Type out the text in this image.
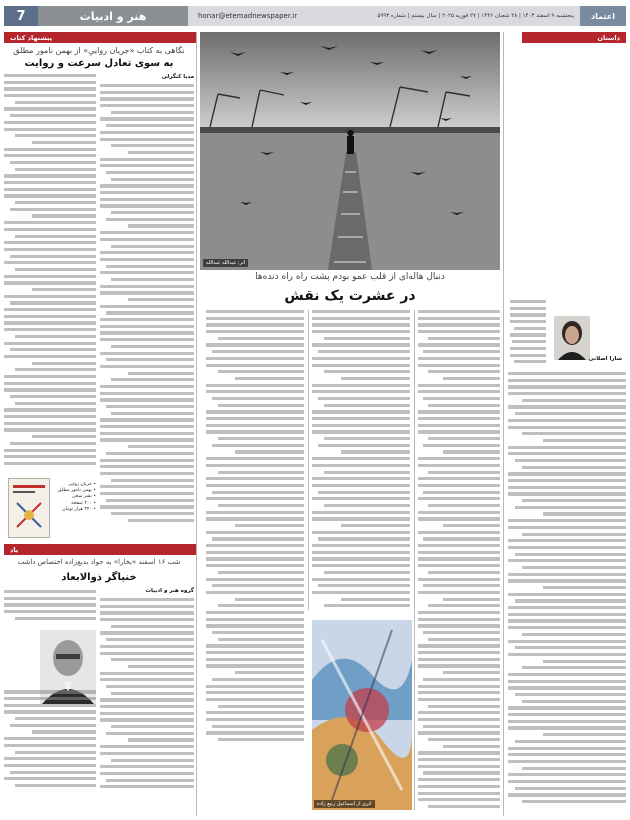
7	هنر و ادبیات	honar@etemadnewspaper.ir	پنجشنبه ۹ اسفند ۱۴۰۳ | ۲۸ شعبان ۱۴۴۶ | ۲۷ فوریه ۲۰۲۵ | سال بیستم | شماره ۵۹۹۳	اعتماد
داستان
سارا اصلانی
اثر: عبدالله عبدالله
دنبال هاله‌ای از قلب عمو بودم پشت راه راه دنده‌ها
در عشرت یک نقش
اثری از اسماعیل ربیع زاده
پیشنهاد کتاب
نگاهی به کتاب «جریان رواییِ» از بهمن نامور مطلق
به سوی تعادل سرعت و روایت
مدیا کنگرلی

• جریان روایی

• بهمن نامور مطلق

• نشر سخن

• ۳۰۰ صفحه

• ۳۴۰ هزار تومان

یاد
شب ۱۶ اسفند «بخارا» به جواد بدیع‌زاده اختصاص داشت
خنیاگر ذوالابعاد
گروه هنر و ادبیات
